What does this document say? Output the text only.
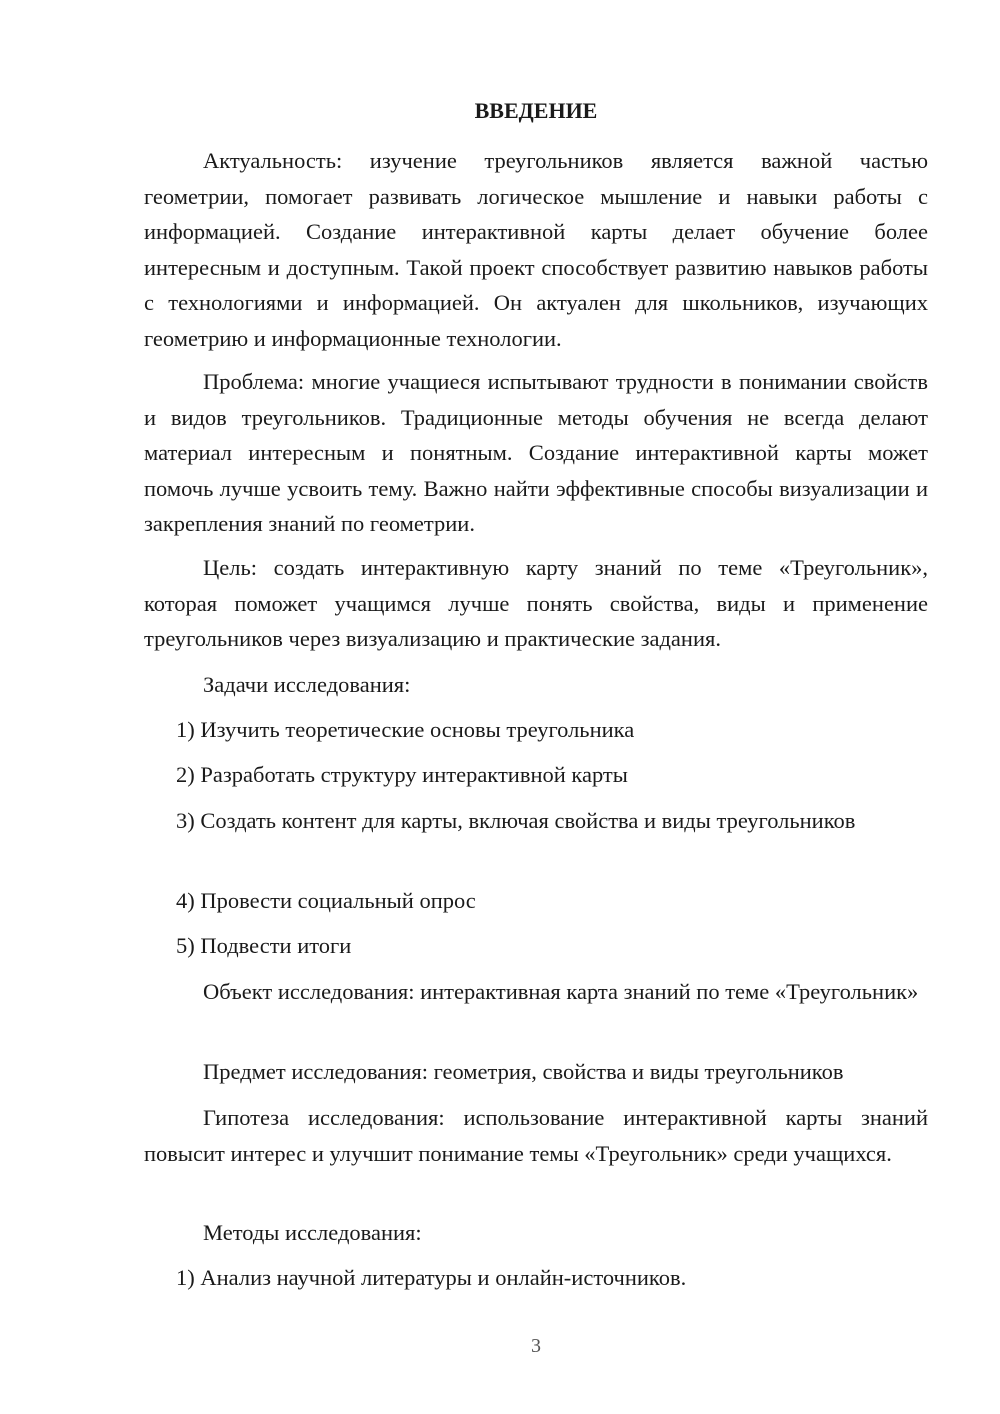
ВВЕДЕНИЕ

Актуальность: изучение треугольников является важной частью геометрии, помогает развивать логическое мышление и навыки работы с информацией. Создание интерактивной карты делает обучение более интересным и доступным. Такой проект способствует развитию навыков работы с технологиями и информацией. Он актуален для школьников, изучающих геометрию и информационные технологии.

Проблема: многие учащиеся испытывают трудности в понимании свойств и видов треугольников. Традиционные методы обучения не всегда делают материал интересным и понятным. Создание интерактивной карты может помочь лучше усвоить тему. Важно найти эффективные способы визуализации и закрепления знаний по геометрии.

Цель: создать интерактивную карту знаний по теме «Треугольник», которая поможет учащимся лучше понять свойства, виды и применение треугольников через визуализацию и практические задания.

Задачи исследования:

1) Изучить теоретические основы треугольника

2) Разработать структуру интерактивной карты

3) Создать контент для карты, включая свойства и виды треугольников

4) Провести социальный опрос

5) Подвести итоги

Объект исследования: интерактивная карта знаний по теме «Треугольник»

Предмет исследования: геометрия, свойства и виды треугольников

Гипотеза исследования: использование интерактивной карты знаний повысит интерес и улучшит понимание темы «Треугольник» среди учащихся.

Методы исследования:

1) Анализ научной литературы и онлайн-источников.

3
